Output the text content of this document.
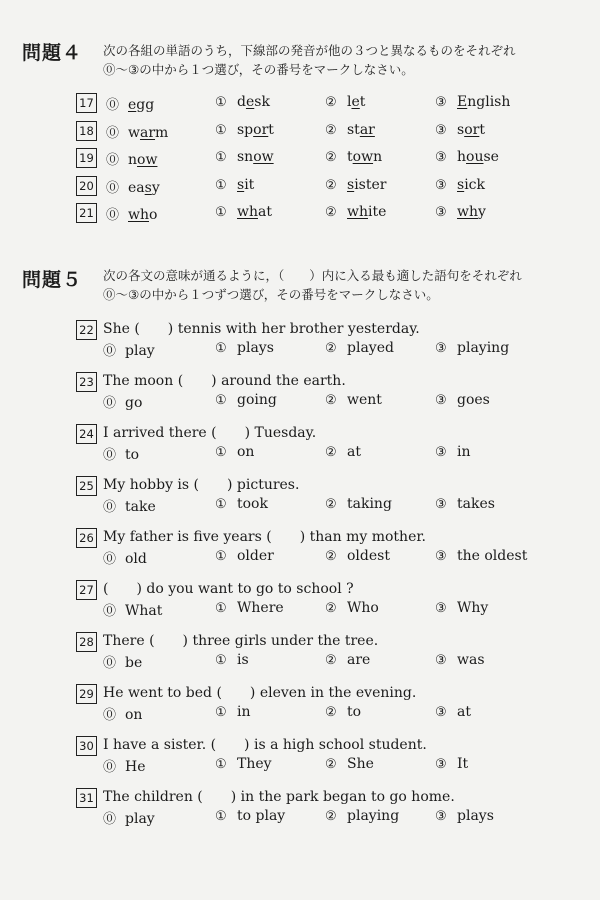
問題４ 次の各組の単語のうち，下線部の発音が他の３つと異なるものをそれぞれ
⓪〜③の中から１つ選び，その番号をマークしなさい。
17 ⓪ egg	① desk	② let	③ English
18 ⓪ warm	① sport	② star	③ sort
19 ⓪ now	① snow	② town	③ house
20 ⓪ easy	① sit	② sister	③ sick
21 ⓪ who	① what	② white	③ why
問題５ 次の各文の意味が通るように，（　　）内に入る最も適した語句をそれぞれ
⓪〜③の中から１つずつ選び，その番号をマークしなさい。
22 She (　　) tennis with her brother yesterday.
⓪ play	① plays	② played	③ playing
23 The moon (　　) around the earth.
⓪ go	① going	② went	③ goes
24 I arrived there (　　) Tuesday.
⓪ to	① on	② at	③ in
25 My hobby is (　　) pictures.
⓪ take	① took	② taking	③ takes
26 My father is five years (　　) than my mother.
⓪ old	① older	② oldest	③ the oldest
27 (　　) do you want to go to school ?
⓪ What	① Where	② Who	③ Why
28 There (　　) three girls under the tree.
⓪ be	① is	② are	③ was
29 He went to bed (　　) eleven in the evening.
⓪ on	① in	② to	③ at
30 I have a sister. (　　) is a high school student.
⓪ He	① They	② She	③ It
31 The children (　　) in the park began to go home.
⓪ play	① to play	② playing	③ plays
